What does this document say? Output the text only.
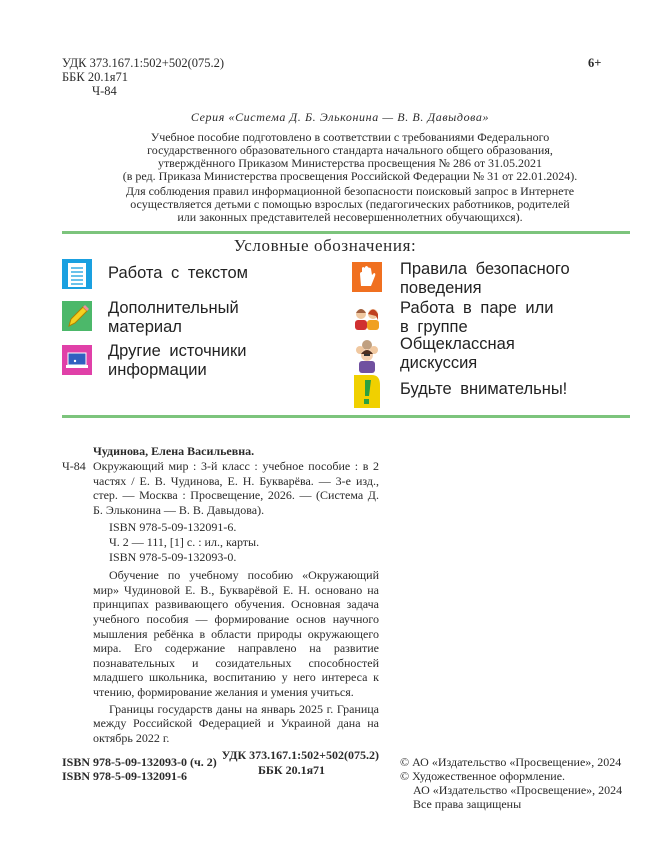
УДК 373.167.1:502+502(075.2)
ББК 20.1я71
Ч-84
6+
Серия «Система Д. Б. Эльконина — В. В. Давыдова»
Учебное пособие подготовлено в соответствии с требованиями Федерального
государственного образовательного стандарта начального общего образования,
утверждённого Приказом Министерства просвещения № 286 от 31.05.2021
(в ред. Приказа Министерства просвещения Российской Федерации № 31 от 22.01.2024).
Для соблюдения правил информационной безопасности поисковый запрос в Интернете
осуществляется детьми с помощью взрослых (педагогических работников, родителей
или законных представителей несовершеннолетних обучающихся).
Условные обозначения:
Работа с текстом
Дополнительный
материал
Другие источники
информации
Правила безопасного
поведения
Работа в паре или
в группе
Общеклассная
дискуссия
Будьте внимательны!
Чудинова, Елена Васильевна.
Ч-84 Окружающий мир : 3-й класс : учебное пособие : в 2 частях / Е. В. Чудинова, Е. Н. Букварёва. — 3-е изд., стер. — Москва : Просвещение, 2026. — (Система Д. Б. Эльконина — В. В. Давыдова).

ISBN 978-5-09-132091-6.
Ч. 2 — 111, [1] с. : ил., карты.
ISBN 978-5-09-132093-0.

Обучение по учебному пособию «Окружающий мир» Чудиновой Е. В., Букварёвой Е. Н. основано на принципах развивающего обучения. Основная задача учебного пособия — формирование основ научного мышления ребёнка в области природы окружающего мира. Его содержание направлено на развитие познавательных и созидательных способностей младшего школьника, воспитанию у него интереса к чтению, формирование желания и умения учиться.

Границы государств даны на январь 2025 г. Граница между Российской Федерацией и Украиной дана на октябрь 2022 г.

УДК 373.167.1:502+502(075.2)
ББК 20.1я71
ISBN 978-5-09-132093-0 (ч. 2)
ISBN 978-5-09-132091-6
© АО «Издательство «Просвещение», 2024
© Художественное оформление.
АО «Издательство «Просвещение», 2024
Все права защищены
